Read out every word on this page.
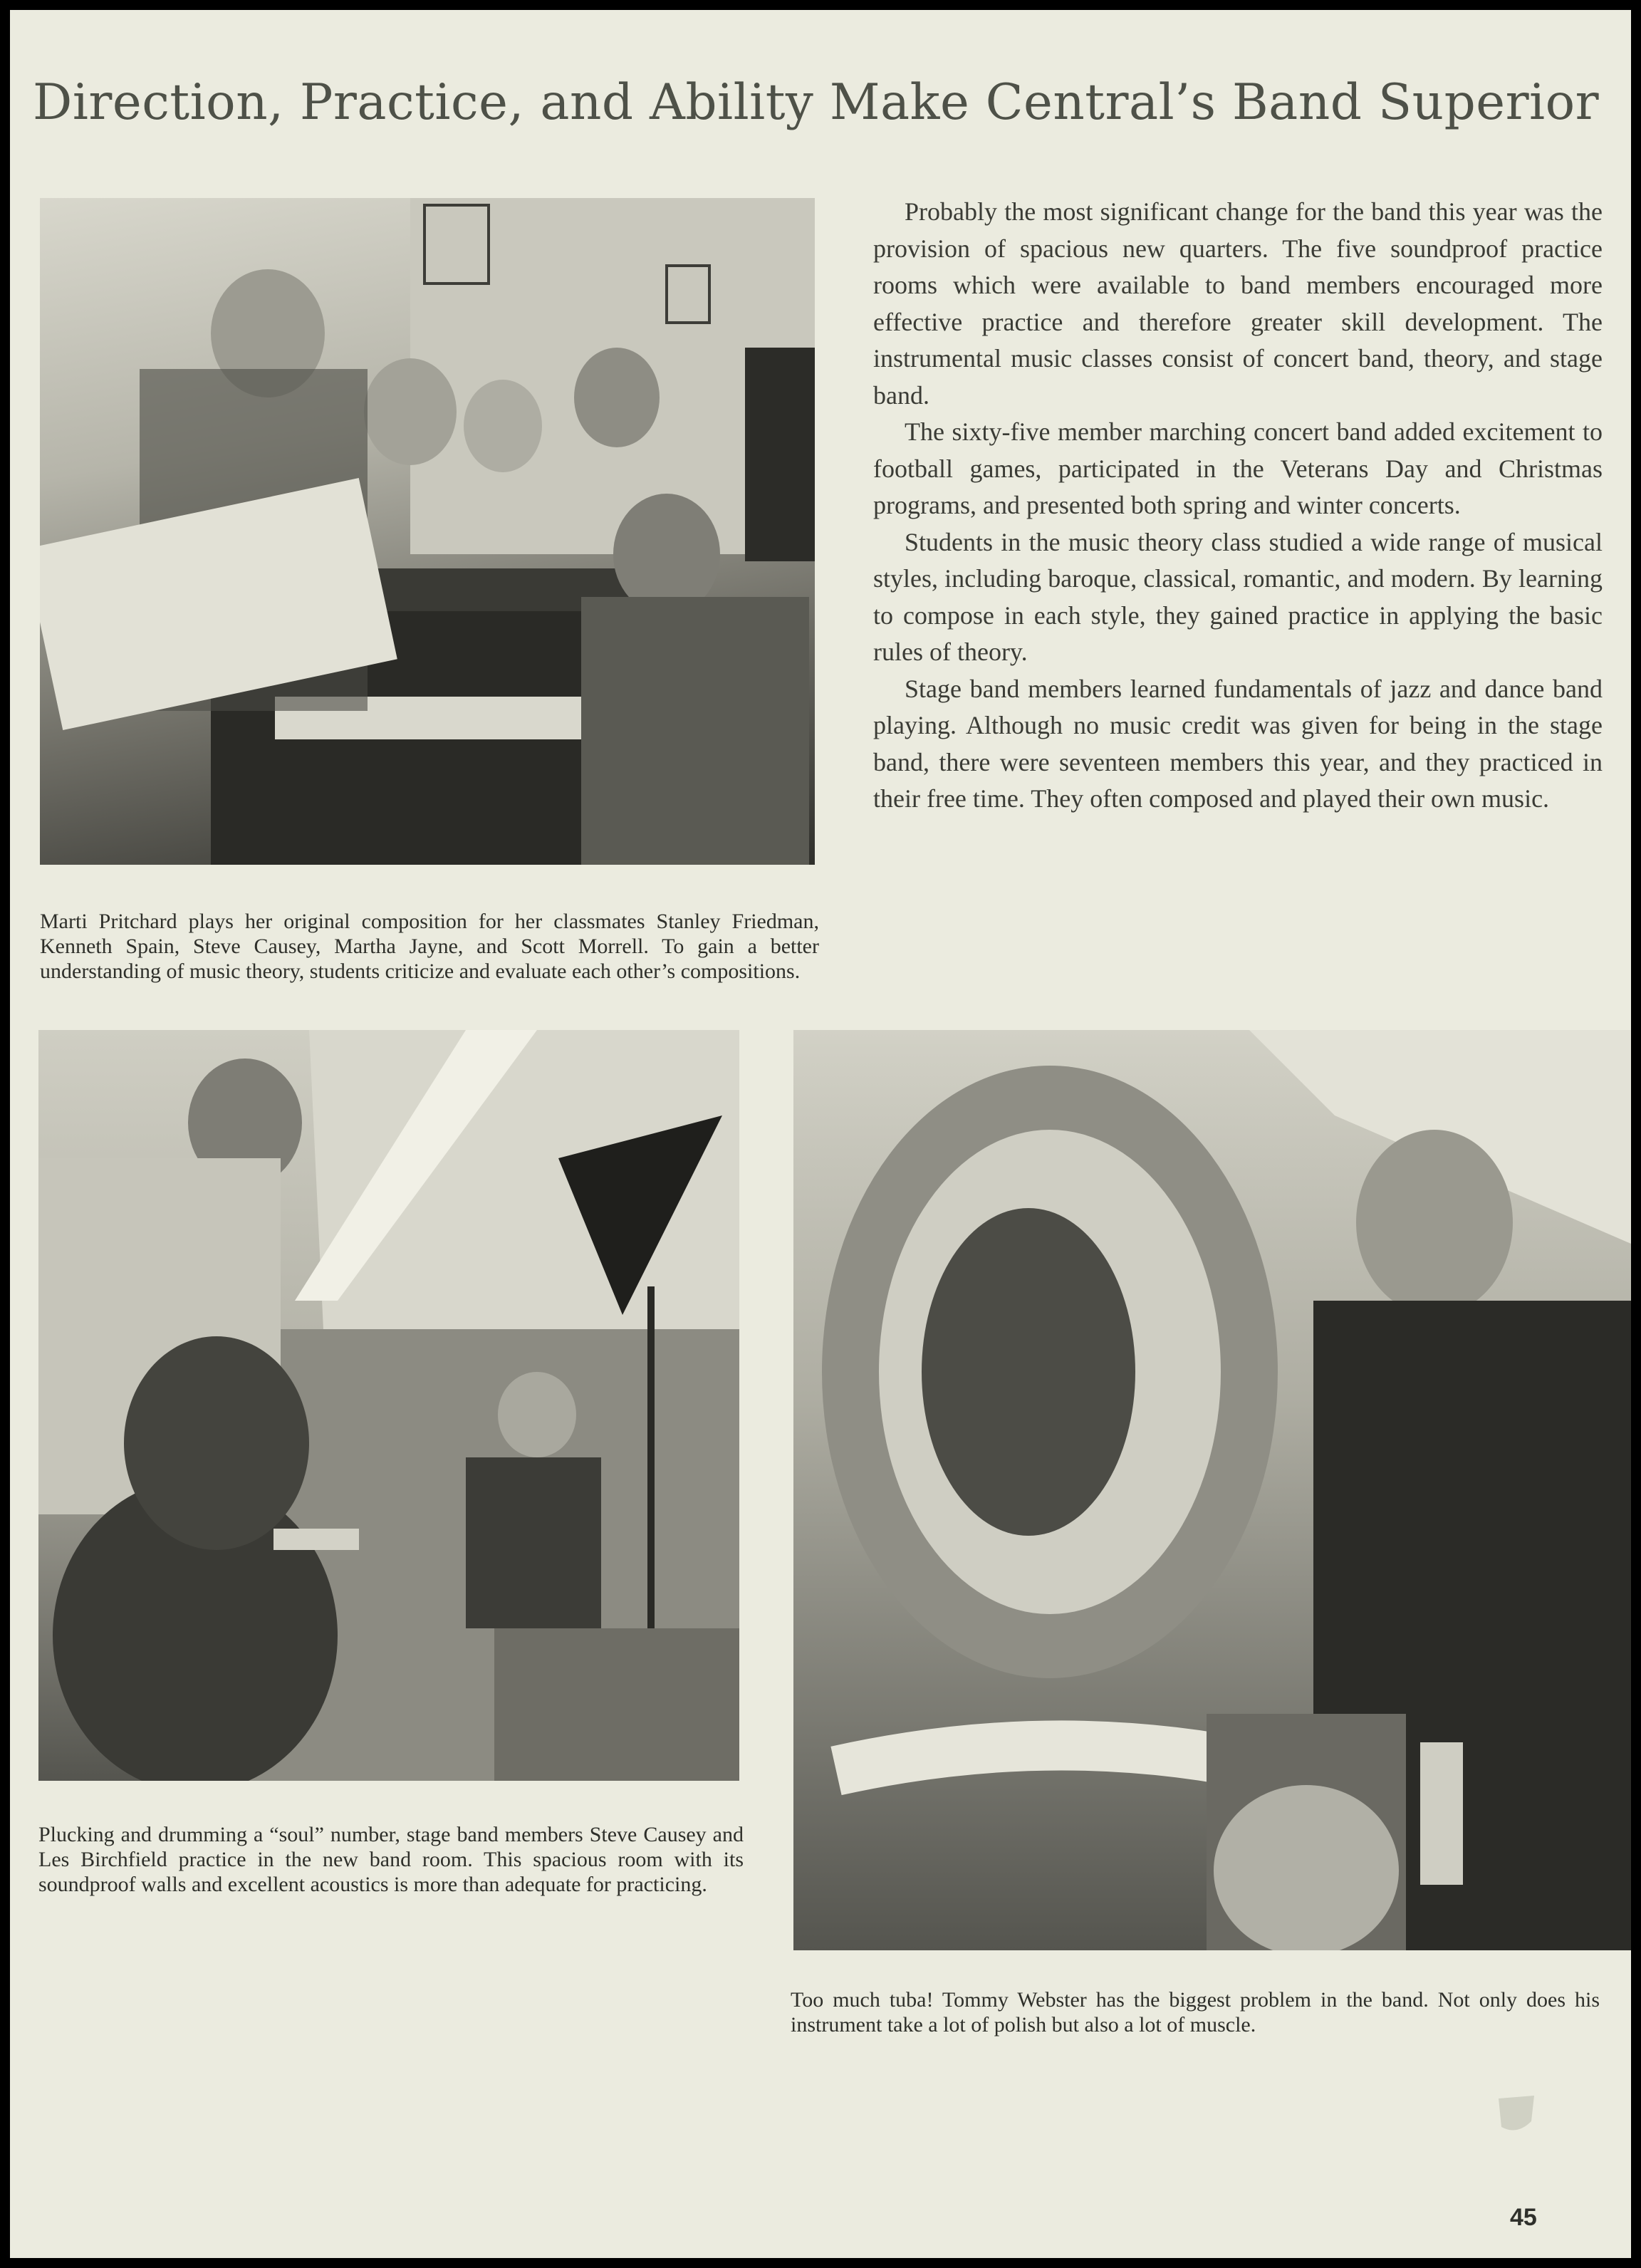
Direction, Practice, and Ability Make Central’s Band Superior

Marti Pritchard plays her original composition for her classmates Stanley Friedman, Kenneth Spain, Steve Causey, Martha Jayne, and Scott Morrell. To gain a better understanding of music theory, students criticize and evaluate each other’s compositions.

Probably the most significant change for the band this year was the provision of spacious new quarters. The five soundproof practice rooms which were available to band members encouraged more effective practice and therefore greater skill development. The instrumental music classes consist of concert band, theory, and stage band.

The sixty-five member marching concert band added excitement to football games, participated in the Veterans Day and Christmas programs, and presented both spring and winter concerts.

Students in the music theory class studied a wide range of musical styles, including baroque, classical, romantic, and modern. By learning to compose in each style, they gained practice in applying the basic rules of theory.

Stage band members learned fundamentals of jazz and dance band playing. Although no music credit was given for being in the stage band, there were seventeen members this year, and they practiced in their free time. They often composed and played their own music.

Plucking and drumming a “soul” number, stage band members Steve Causey and Les Birchfield practice in the new band room. This spacious room with its soundproof walls and excellent acoustics is more than adequate for practicing.

Too much tuba! Tommy Webster has the biggest problem in the band. Not only does his instrument take a lot of polish but also a lot of muscle.

45
